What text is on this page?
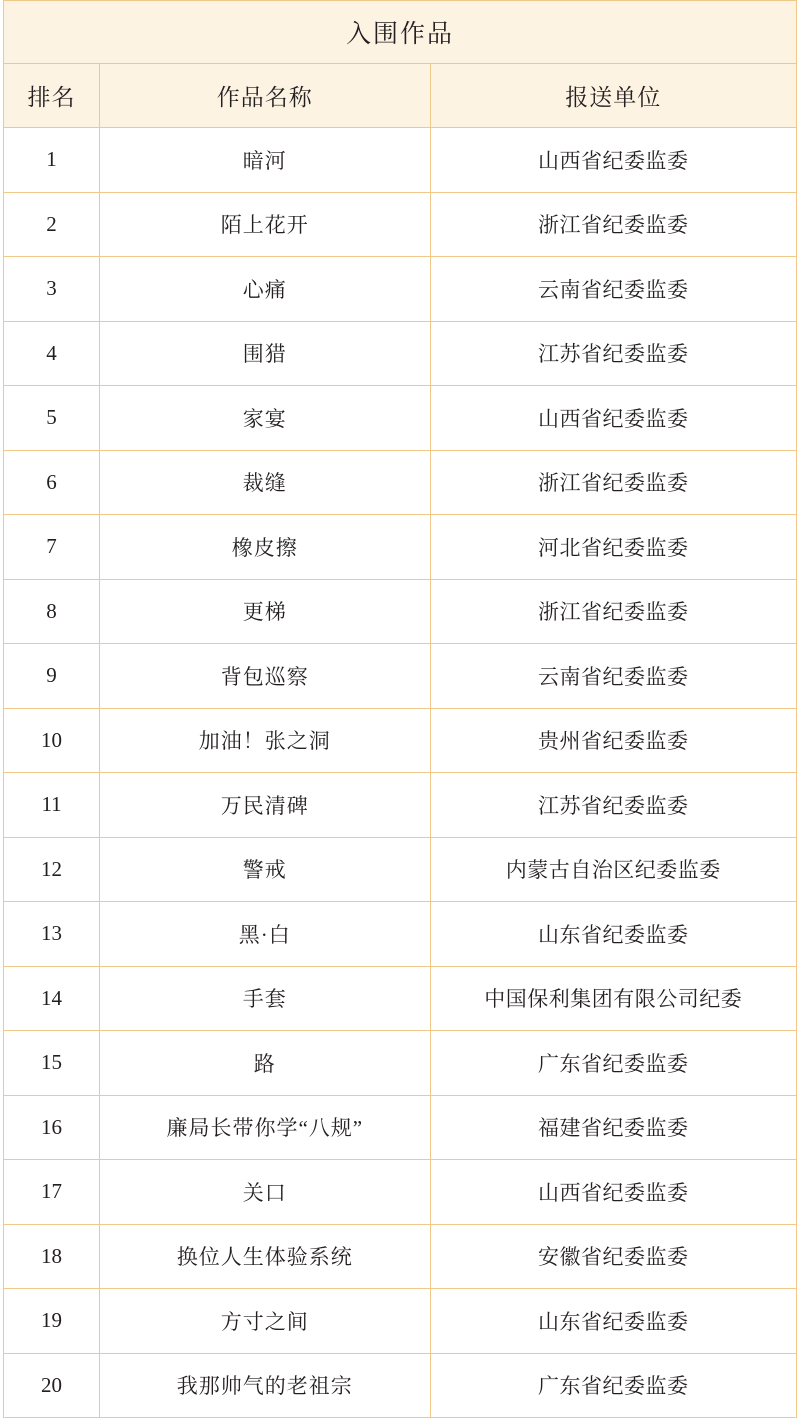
入围作品		
排名	作品名称	报送单位
1	暗河	山西省纪委监委
2	陌上花开	浙江省纪委监委
3	心痛	云南省纪委监委
4	围猎	江苏省纪委监委
5	家宴	山西省纪委监委
6	裁缝	浙江省纪委监委
7	橡皮擦	河北省纪委监委
8	更梯	浙江省纪委监委
9	背包巡察	云南省纪委监委
10	加油！张之洞	贵州省纪委监委
11	万民清碑	江苏省纪委监委
12	警戒	内蒙古自治区纪委监委
13	黑·白	山东省纪委监委
14	手套	中国保利集团有限公司纪委
15	路	广东省纪委监委
16	廉局长带你学“八规”	福建省纪委监委
17	关口	山西省纪委监委
18	换位人生体验系统	安徽省纪委监委
19	方寸之间	山东省纪委监委
20	我那帅气的老祖宗	广东省纪委监委
